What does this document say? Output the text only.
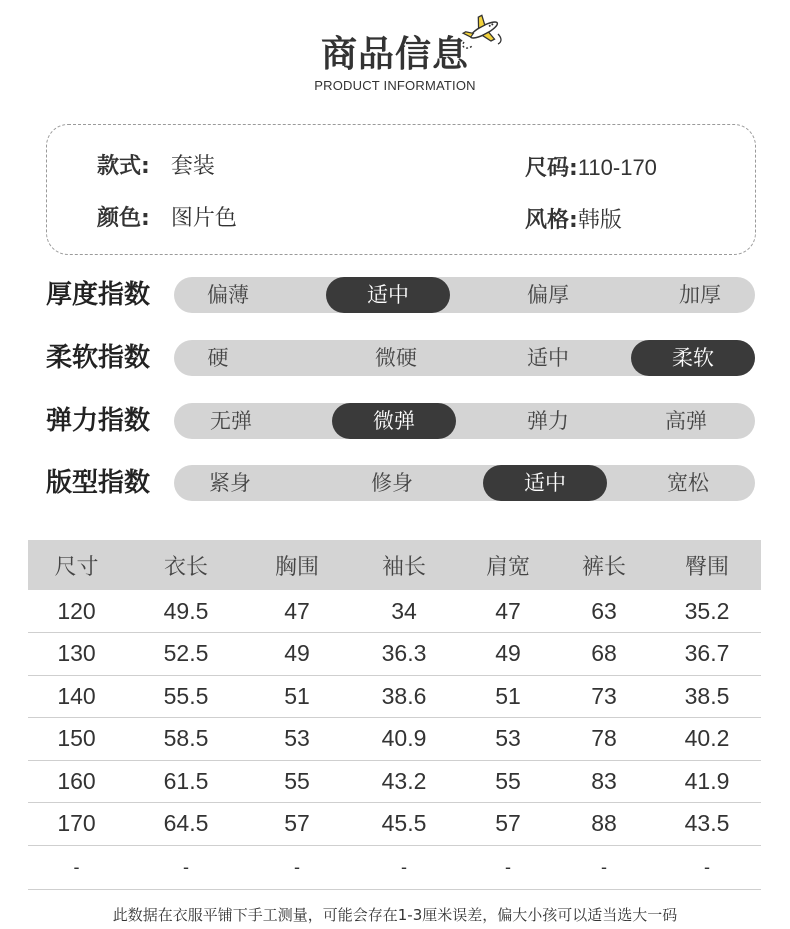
商品信息
PRODUCT INFORMATION
款式: 套装	尺码:110-170
颜色: 图片色	风格:韩版
厚度指数	偏薄	适中	偏厚	加厚
柔软指数	硬	微硬	适中	柔软
弹力指数	无弹	微弹	弹力	高弹
版型指数	紧身	修身	适中	宽松
尺寸	衣长	胸围	袖长	肩宽	裤长	臀围
120	49.5	47	34	47	63	35.2
130	52.5	49	36.3	49	68	36.7
140	55.5	51	38.6	51	73	38.5
150	58.5	53	40.9	53	78	40.2
160	61.5	55	43.2	55	83	41.9
170	64.5	57	45.5	57	88	43.5
-	-	-	-	-	-	-
此数据在衣服平铺下手工测量，可能会存在1-3厘米误差，偏大小孩可以适当选大一码
